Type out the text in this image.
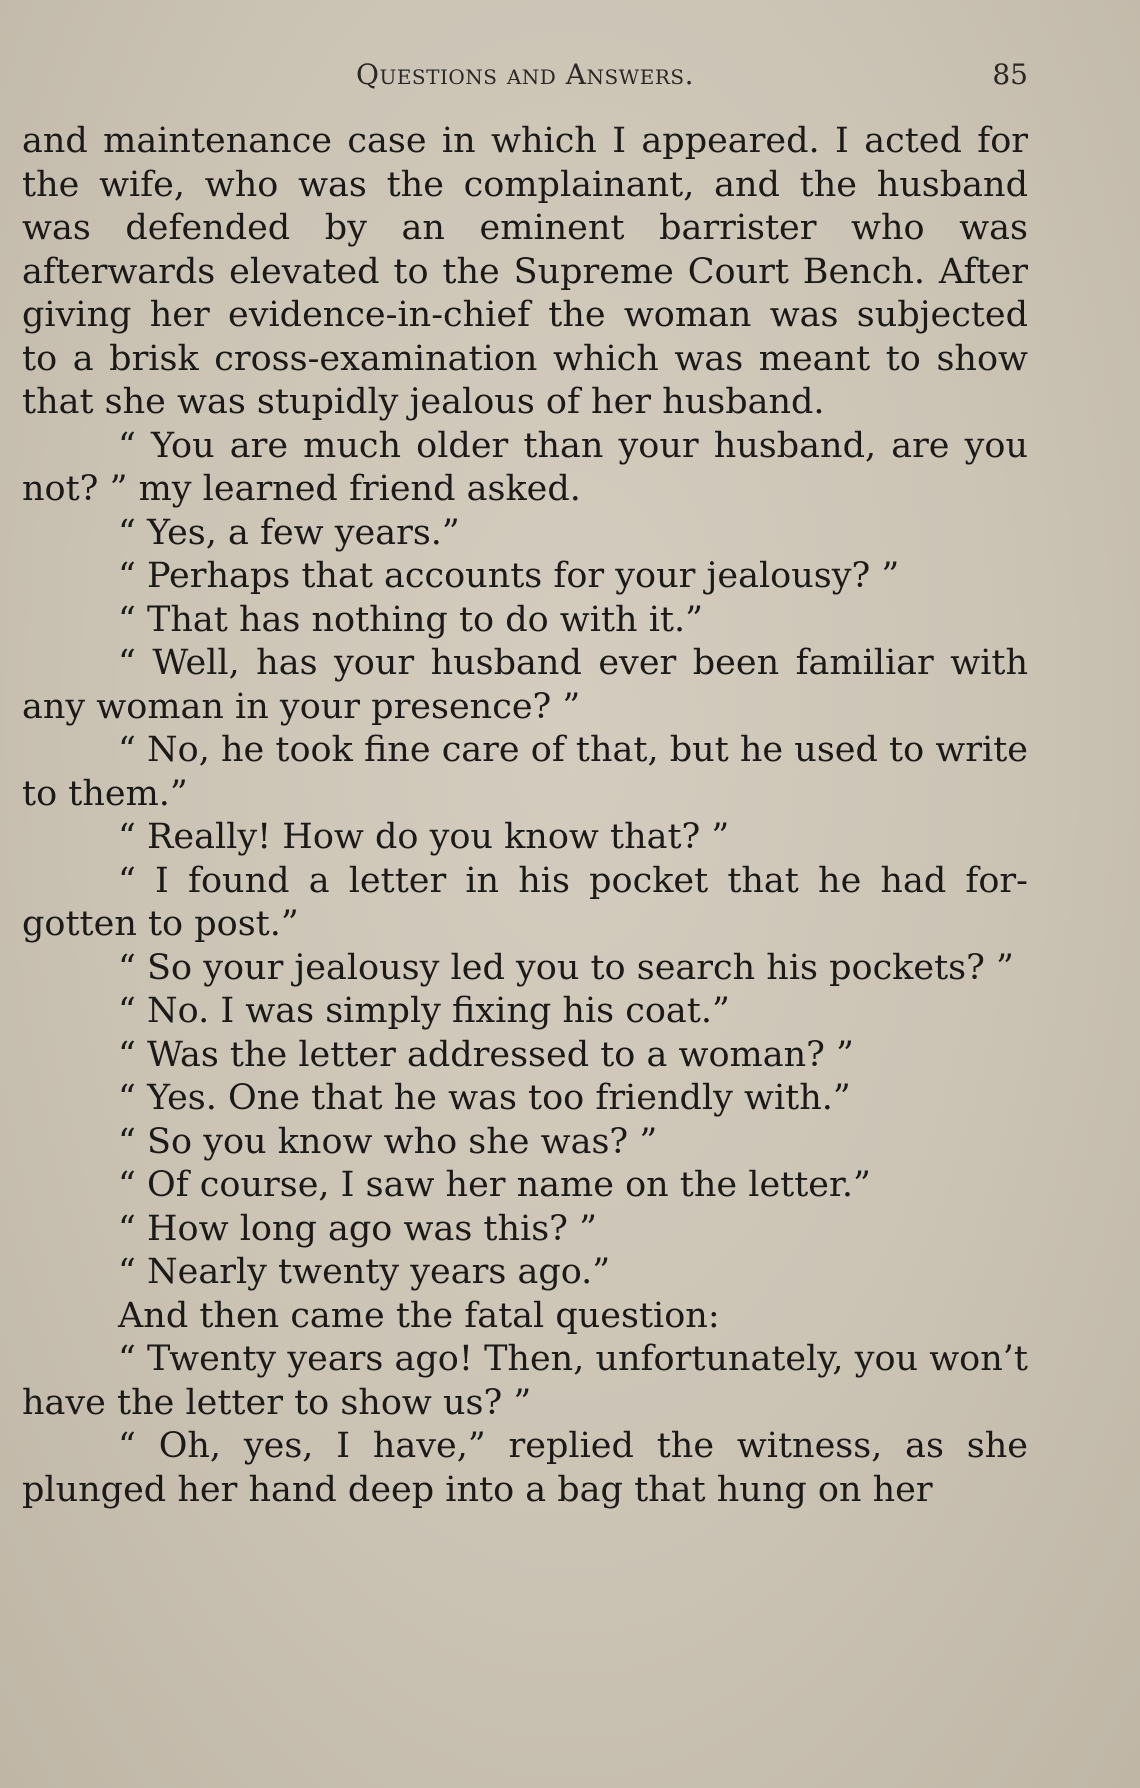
Questions and Answers.	85

and maintenance case in which I appeared. I acted for the wife, who was the complainant, and the husband was defended by an eminent barrister who was afterwards elevated to the Supreme Court Bench. After giving her evidence-in-chief the woman was subjected to a brisk cross-examination which was meant to show that she was stupidly jealous of her husband.

“ You are much older than your husband, are you not? ” my learned friend asked.

“ Yes, a few years.”

“ Perhaps that accounts for your jealousy? ”

“ That has nothing to do with it.”

“ Well, has your husband ever been familiar with any woman in your presence? ”

“ No, he took fine care of that, but he used to write to them.”

“ Really! How do you know that? ”

“ I found a letter in his pocket that he had for-gotten to post.”

“ So your jealousy led you to search his pockets? ”

“ No. I was simply fixing his coat.”

“ Was the letter addressed to a woman? ”

“ Yes. One that he was too friendly with.”

“ So you know who she was? ”

“ Of course, I saw her name on the letter.”

“ How long ago was this? ”

“ Nearly twenty years ago.”

And then came the fatal question:

“ Twenty years ago! Then, unfortunately, you won’t have the letter to show us? ”

“ Oh, yes, I have,” replied the witness, as she plunged her hand deep into a bag that hung on her
